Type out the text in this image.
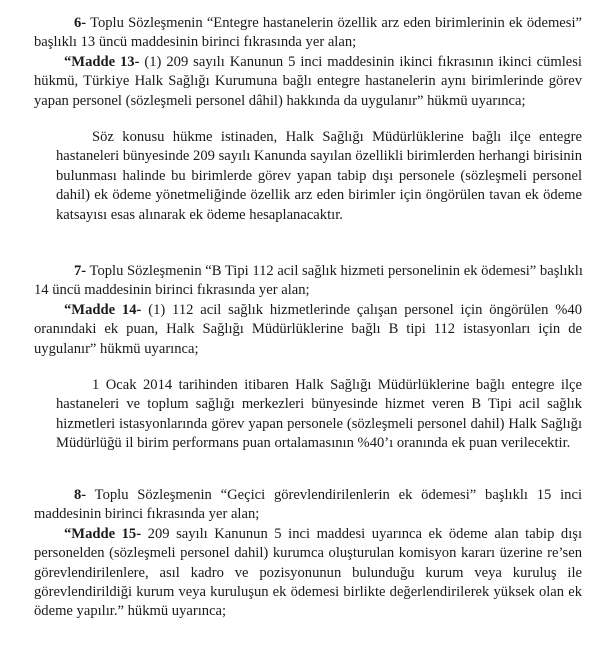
6- Toplu Sözleşmenin “Entegre hastanelerin özellik arz eden birimlerinin ek ödemesi”
başlıklı 13 üncü maddesinin birinci fıkrasında yer alan;
“Madde 13- (1) 209 sayılı Kanunun 5 inci maddesinin ikinci fıkrasının ikinci cümlesi
hükmü, Türkiye Halk Sağlığı Kurumuna bağlı entegre hastanelerin aynı birimlerinde görev
yapan personel (sözleşmeli personel dâhil) hakkında da uygulanır” hükmü uyarınca;
Söz konusu hükme istinaden, Halk Sağlığı Müdürlüklerine bağlı ilçe entegre
hastaneleri bünyesinde 209 sayılı Kanunda sayılan özellikli birimlerden herhangi birisinin
bulunması halinde bu birimlerde görev yapan tabip dışı personele (sözleşmeli personel
dahil) ek ödeme yönetmeliğinde özellik arz eden birimler için öngörülen tavan ek ödeme
katsayısı esas alınarak ek ödeme hesaplanacaktır.
7- Toplu Sözleşmenin “B Tipi 112 acil sağlık hizmeti personelinin ek ödemesi” başlıklı
14 üncü maddesinin birinci fıkrasında yer alan;
“Madde 14- (1) 112 acil sağlık hizmetlerinde çalışan personel için öngörülen %40
oranındaki ek puan, Halk Sağlığı Müdürlüklerine bağlı B tipi 112 istasyonları için de
uygulanır” hükmü uyarınca;
1 Ocak 2014 tarihinden itibaren Halk Sağlığı Müdürlüklerine bağlı entegre ilçe
hastaneleri ve toplum sağlığı merkezleri bünyesinde hizmet veren B Tipi acil sağlık
hizmetleri istasyonlarında görev yapan personele (sözleşmeli personel dahil) Halk Sağlığı
Müdürlüğü il birim performans puan ortalamasının %40’ı oranında ek puan verilecektir.
8- Toplu Sözleşmenin “Geçici görevlendirilenlerin ek ödemesi” başlıklı 15 inci
maddesinin birinci fıkrasında yer alan;
“Madde 15- 209 sayılı Kanunun 5 inci maddesi uyarınca ek ödeme alan tabip dışı
personelden (sözleşmeli personel dahil) kurumca oluşturulan komisyon kararı üzerine re’sen
görevlendirilenlere, asıl kadro ve pozisyonunun bulunduğu kurum veya kuruluş ile
görevlendirildiği kurum veya kuruluşun ek ödemesi birlikte değerlendirilerek yüksek olan ek
ödeme yapılır.” hükmü uyarınca;
